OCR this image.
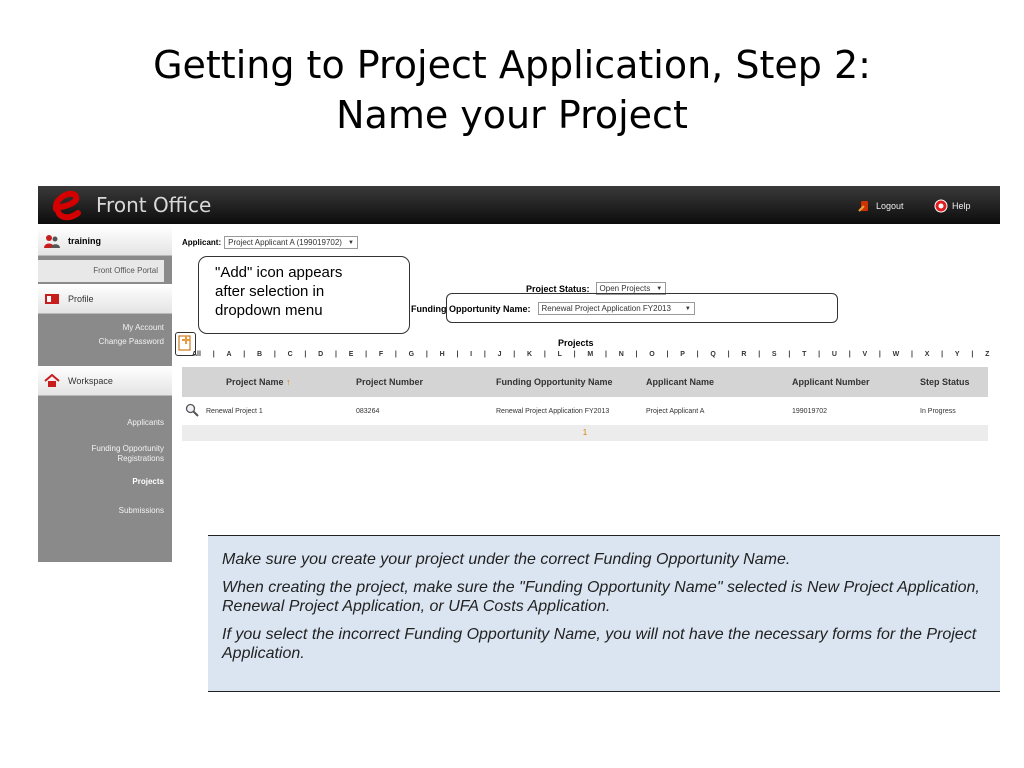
Getting to Project Application, Step 2:
Name your Project
Front Office	Logout	Help
training
Front Office Portal
Profile
My Account
Change Password
Workspace
Applicants
Funding Opportunity Registrations
Projects
Submissions
Applicant: Project Applicant A (199019702) ▼
Project Status: Open Projects ▼
Funding Opportunity Name: Renewal Project Application FY2013 ▼
"Add" icon appears
after selection in
dropdown menu
Projects
All | A | B | C | D | E | F | G | H | I | J | K | L | M | N | O | P | Q | R | S | T | U | V | W | X | Y | Z
Project Name ↑	Project Number	Funding Opportunity Name	Applicant Name	Applicant Number	Step Status
Renewal Project 1	083264	Renewal Project Application FY2013	Project Applicant A	199019702	In Progress
1

Make sure you create your project under the correct Funding Opportunity Name.

When creating the project, make sure the "Funding Opportunity Name" selected is New Project Application, Renewal Project Application, or UFA Costs Application.

If you select the incorrect Funding Opportunity Name, you will not have the necessary forms for the Project Application.
